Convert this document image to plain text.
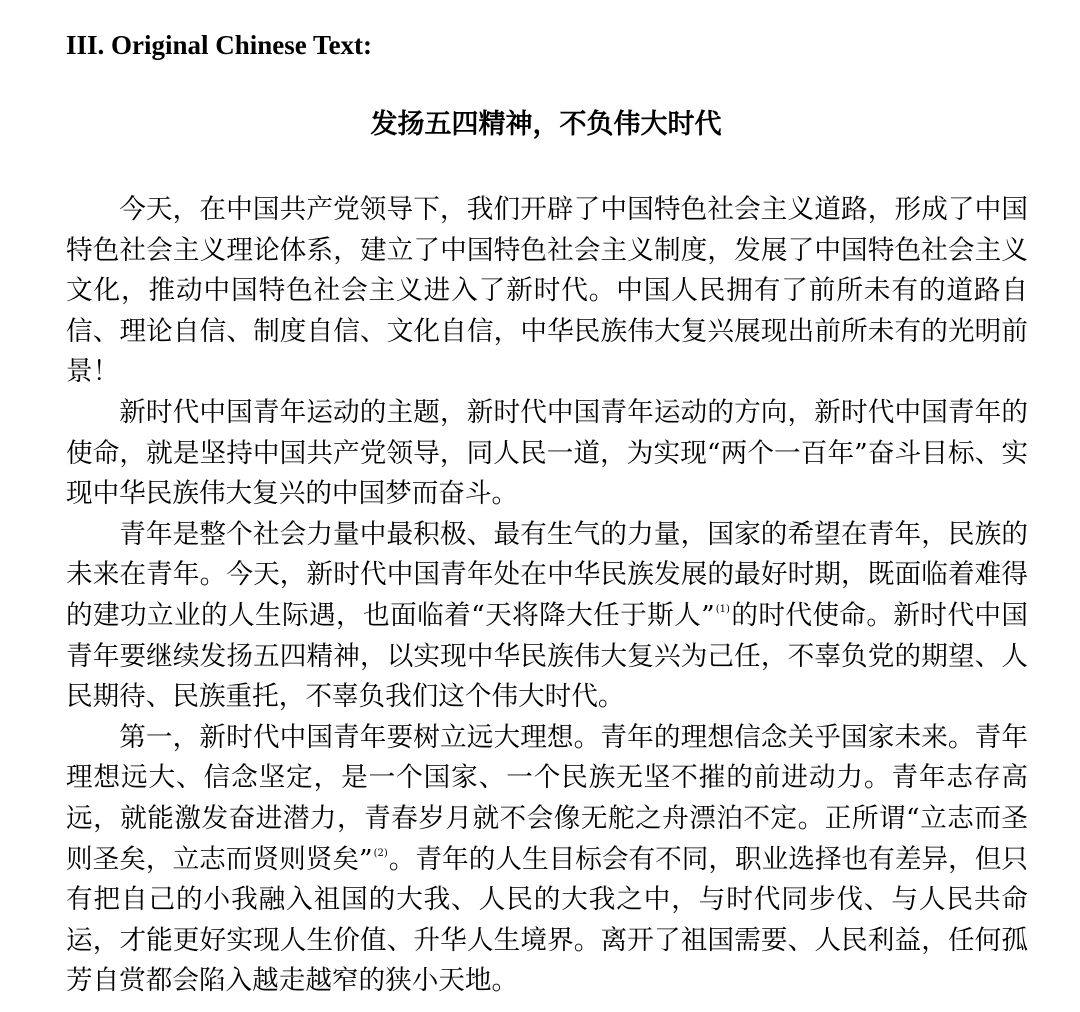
III. Original Chinese Text:
发扬五四精神，不负伟大时代

今天，在中国共产党领导下，我们开辟了中国特色社会主义道路，形成了中国特色社会主义理论体系，建立了中国特色社会主义制度，发展了中国特色社会主义文化，推动中国特色社会主义进入了新时代。中国人民拥有了前所未有的道路自信、理论自信、制度自信、文化自信，中华民族伟大复兴展现出前所未有的光明前景！

新时代中国青年运动的主题，新时代中国青年运动的方向，新时代中国青年的使命，就是坚持中国共产党领导，同人民一道，为实现“两个一百年”奋斗目标、实现中华民族伟大复兴的中国梦而奋斗。

青年是整个社会力量中最积极、最有生气的力量，国家的希望在青年，民族的未来在青年。今天，新时代中国青年处在中华民族发展的最好时期，既面临着难得的建功立业的人生际遇，也面临着“天将降大任于斯人”$^{(1)}$的时代使命。新时代中国青年要继续发扬五四精神，以实现中华民族伟大复兴为己任，不辜负党的期望、人民期待、民族重托，不辜负我们这个伟大时代。

第一，新时代中国青年要树立远大理想。青年的理想信念关乎国家未来。青年理想远大、信念坚定，是一个国家、一个民族无坚不摧的前进动力。青年志存高远，就能激发奋进潜力，青春岁月就不会像无舵之舟漂泊不定。正所谓“立志而圣则圣矣，立志而贤则贤矣”$^{(2)}$。青年的人生目标会有不同，职业选择也有差异，但只有把自己的小我融入祖国的大我、人民的大我之中，与时代同步伐、与人民共命运，才能更好实现人生价值、升华人生境界。离开了祖国需要、人民利益，任何孤芳自赏都会陷入越走越窄的狭小天地。
